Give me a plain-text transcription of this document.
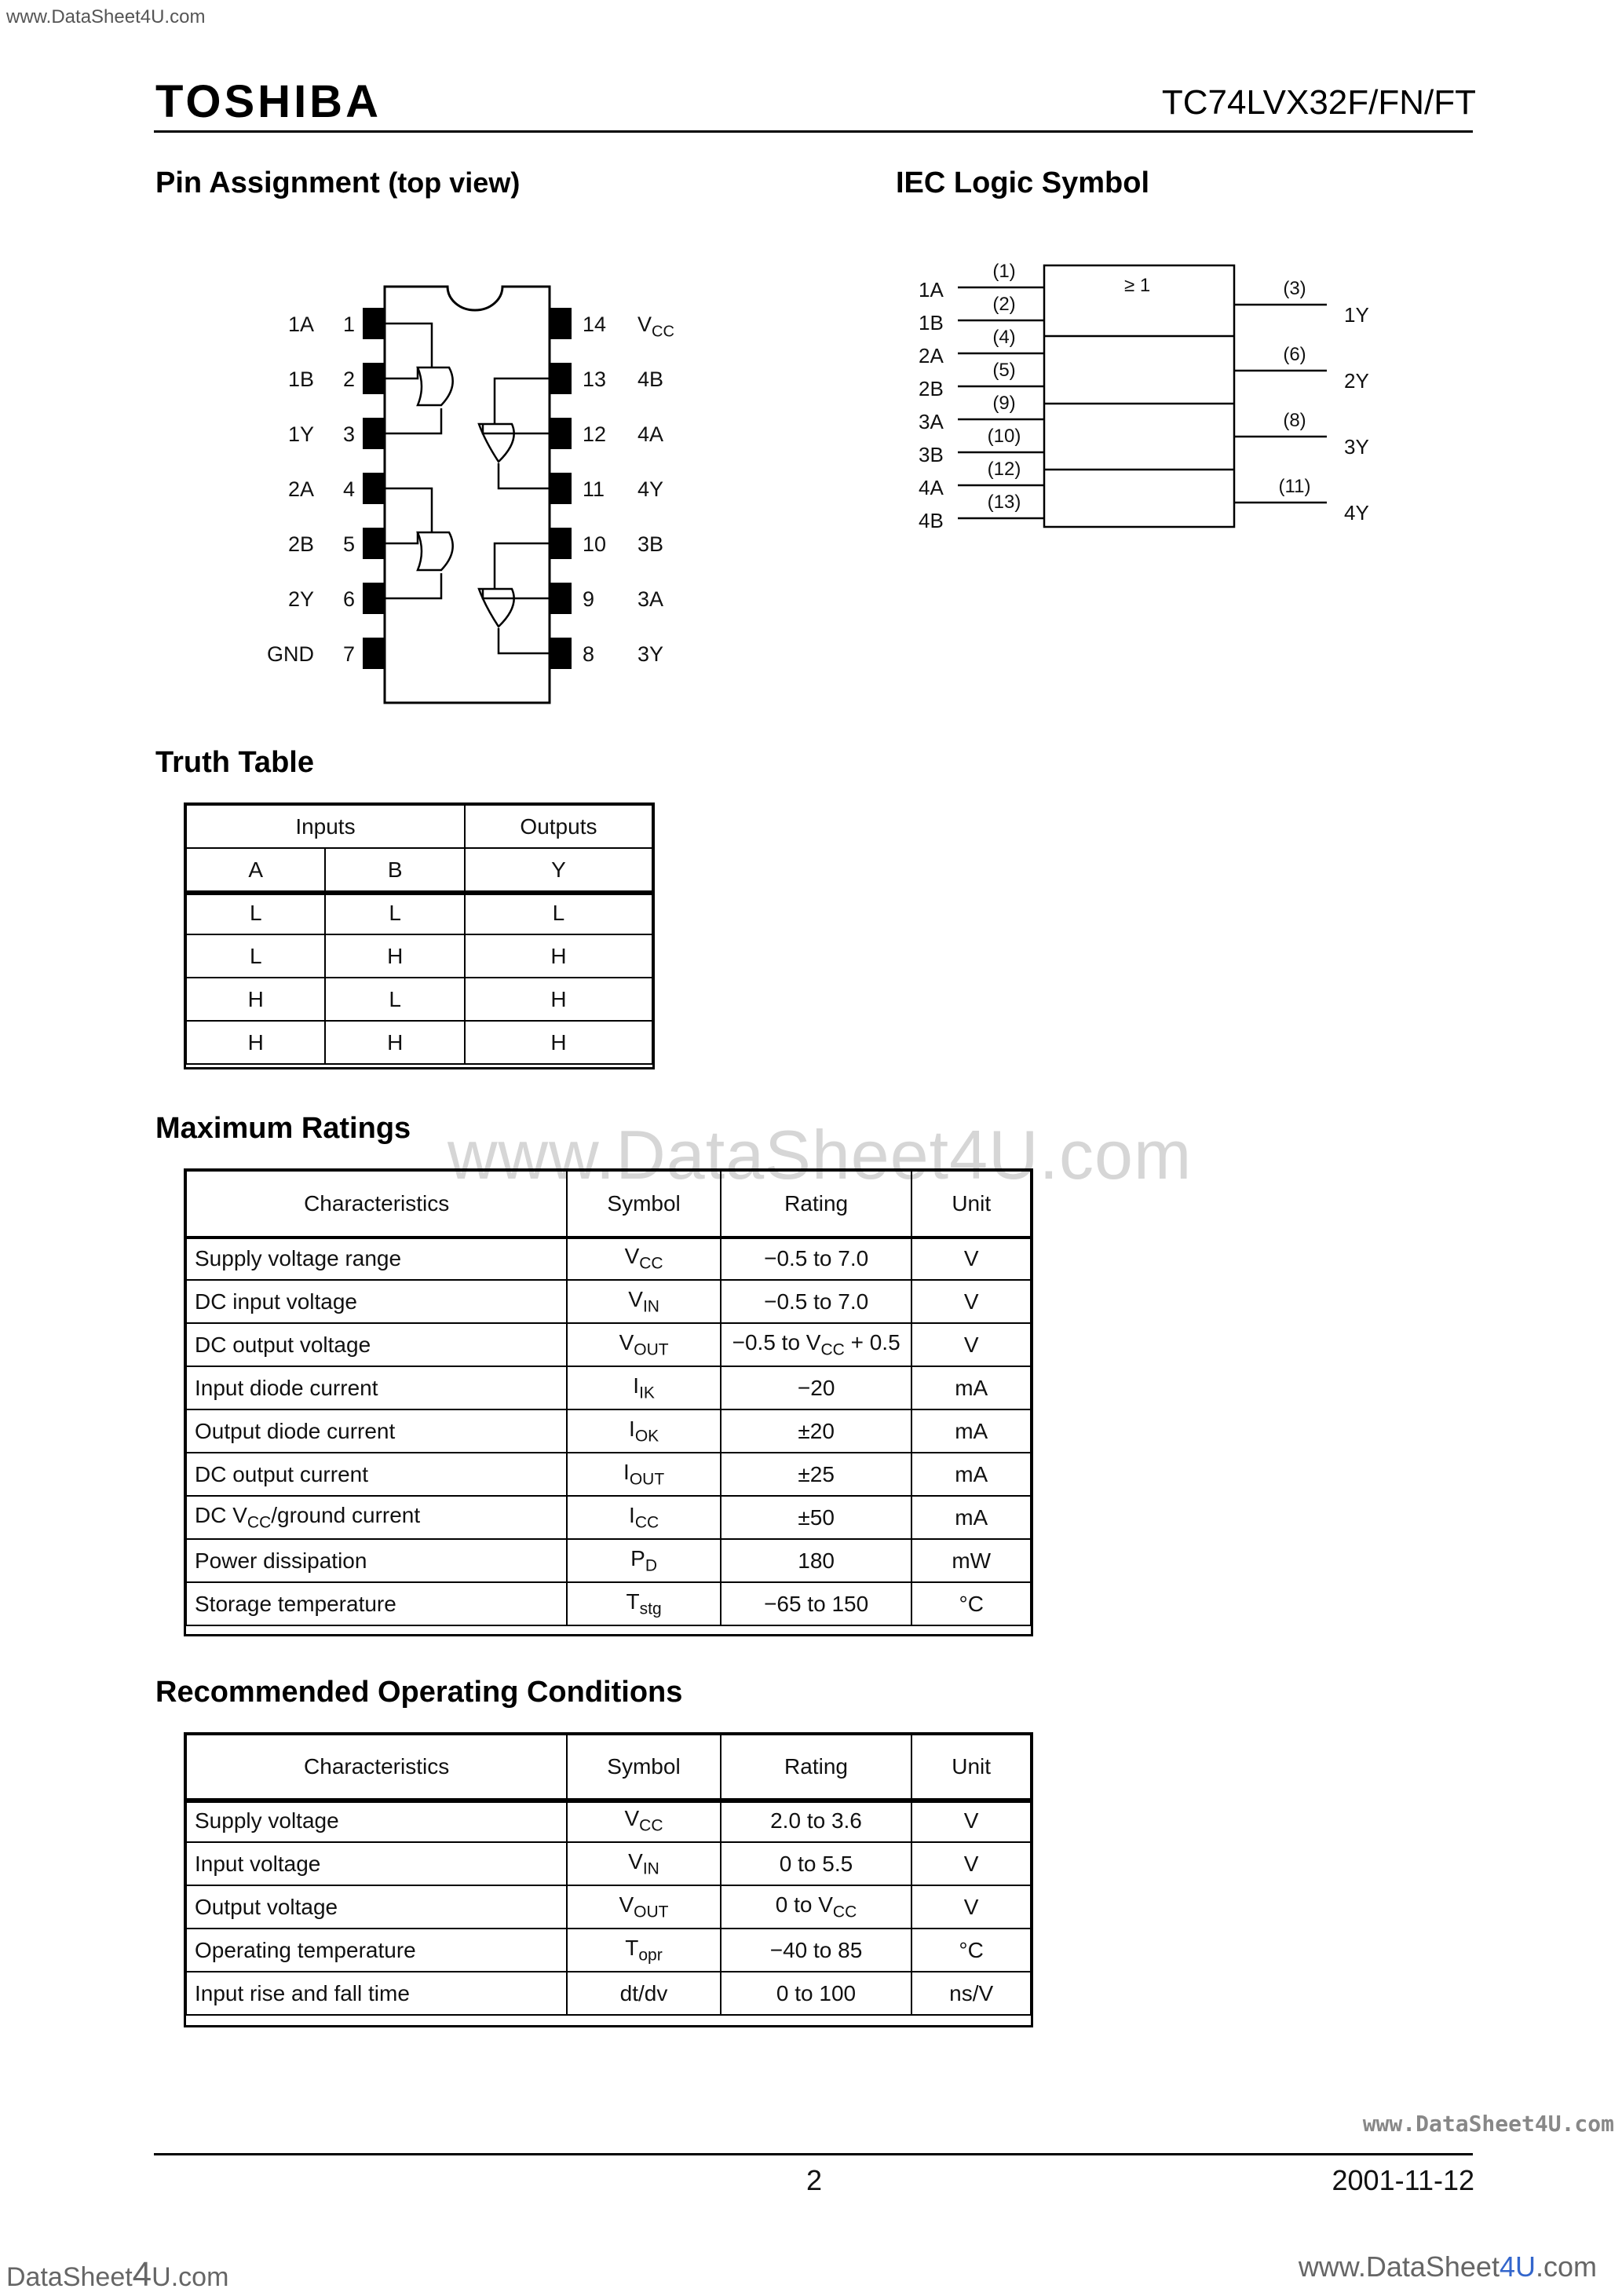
www.DataSheet4U.com
TOSHIBA	TC74LVX32F/FN/FT
Pin Assignment (top view)
1A	1
1B	2
1Y	3
2A	4
2B	5
2Y	6
GND	7
14	$V_{CC}$
13	4B
12	4A
11	4Y
10	3B
9	3A
8	3Y
IEC Logic Symbol
≥ 1
1A
(1)
1B
(2)
2A
(4)
2B
(5)
3A
(9)
3B
(10)
4A
(12)
4B
(13)
(3)
1Y
(6)
2Y
(8)
3Y
(11)
4Y
Truth Table
Inputs		Outputs
A	B	Y
L	L	L
L	H	H
H	L	H
H	H	H
www.DataSheet4U.com
Maximum Ratings
Characteristics	Symbol	Rating	Unit
Supply voltage range	$V_{CC}$	−0.5 to 7.0	V
DC input voltage	$V_{IN}$	−0.5 to 7.0	V
DC output voltage	$V_{OUT}$	−0.5 to $V_{CC} + 0.5$	V
Input diode current	$I_{IK}$	−20	mA
Output diode current	$I_{OK}$	±20	mA
DC output current	$I_{OUT}$	±25	mA
DC $V_{CC}$/ground current	$I_{CC}$	±50	mA
Power dissipation	$P_D$	180	mW
Storage temperature	$T_{stg}$	−65 to 150	°C
Recommended Operating Conditions
Characteristics	Symbol	Rating	Unit
Supply voltage	$V_{CC}$	2.0 to 3.6	V
Input voltage	$V_{IN}$	0 to 5.5	V
Output voltage	$V_{OUT}$	0 to $V_{CC}$	V
Operating temperature	$T_{opr}$	−40 to 85	°C
Input rise and fall time	dt/dv	0 to 100	ns/V
www.DataSheet4U.com
2	2001-11-12
DataSheet4U.com	www.DataSheet4U.com
